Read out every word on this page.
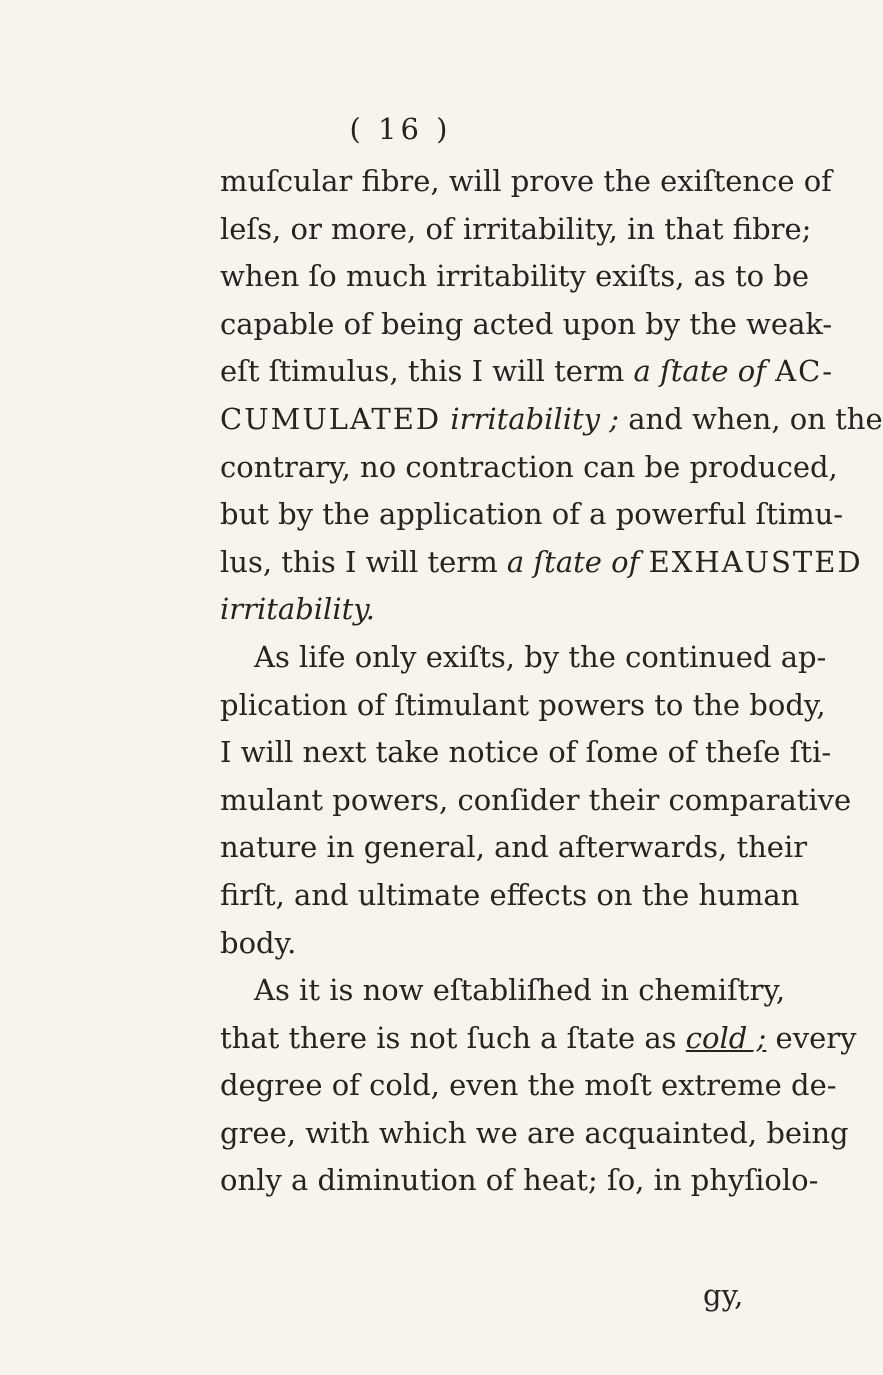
( 16 )
muſcular fibre, will prove the exiſtence of
leſs, or more, of irritability, in that fibre;
when ſo much irritability exiſts, as to be
capable of being acted upon by the weak-
eſt ſtimulus, this I will term a ſtate of AC-
CUMULATED irritability ; and when, on the
contrary, no contraction can be produced,
but by the application of a powerful ſtimu-
lus, this I will term a ſtate of EXHAUSTED
irritability.
As life only exiſts, by the continued ap-
plication of ſtimulant powers to the body,
I will next take notice of ſome of theſe ſti-
mulant powers, conſider their comparative
nature in general, and afterwards, their
firſt, and ultimate effects on the human
body.
As it is now eſtabliſhed in chemiſtry,
that there is not ſuch a ſtate as cold ; every
degree of cold, even the moſt extreme de-
gree, with which we are acquainted, being
only a diminution of heat; ſo, in phyſiolo-
gy,
